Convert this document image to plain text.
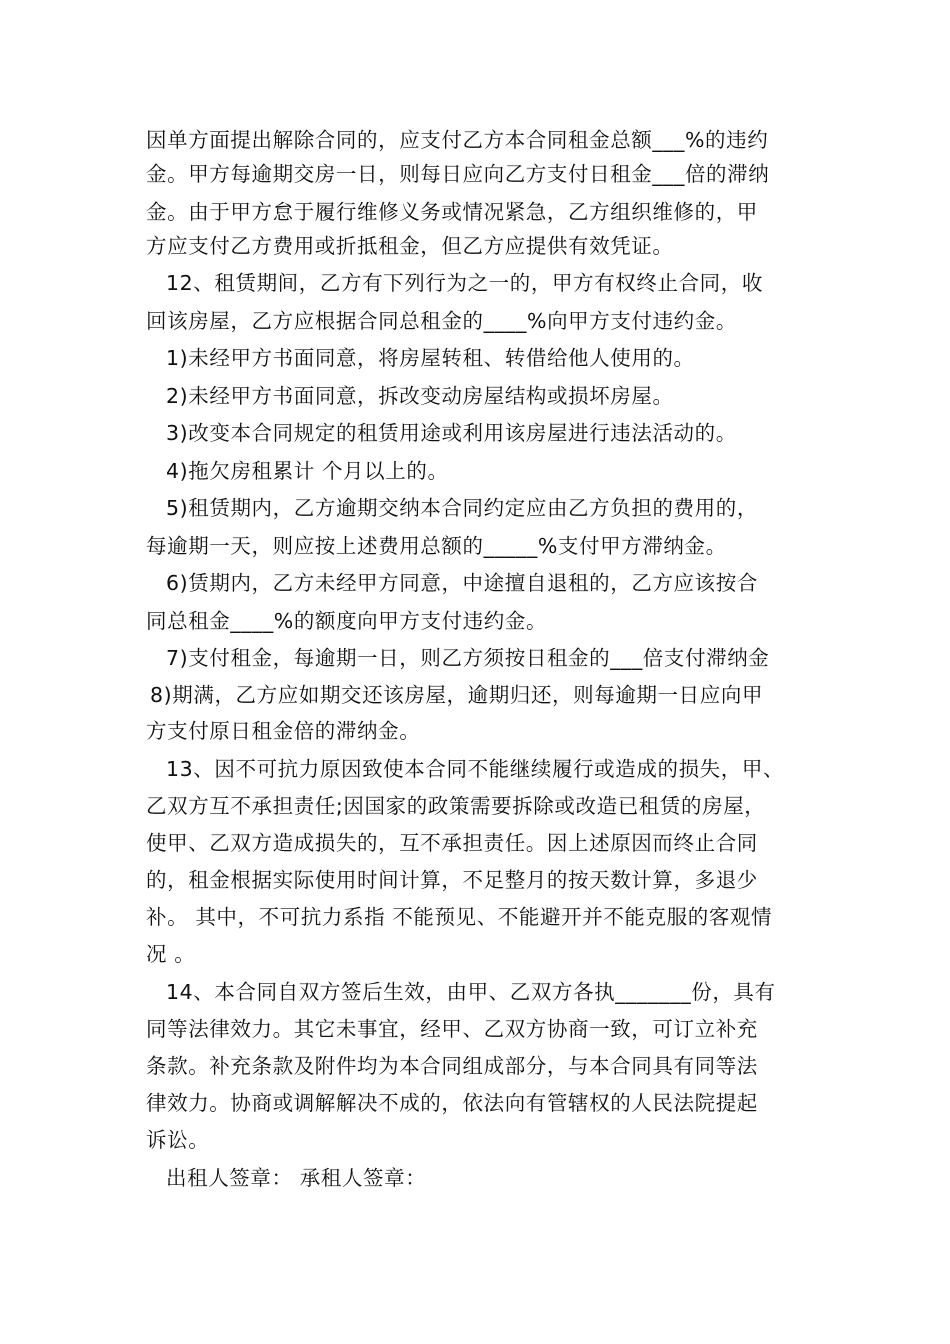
因单方面提出解除合同的，应支付乙方本合同租金总额___%的违约

金。甲方每逾期交房一日，则每日应向乙方支付日租金___倍的滞纳

金。由于甲方怠于履行维修义务或情况紧急，乙方组织维修的，甲

方应支付乙方费用或折抵租金，但乙方应提供有效凭证。

12、租赁期间，乙方有下列行为之一的，甲方有权终止合同，收

回该房屋，乙方应根据合同总租金的____%向甲方支付违约金。

1)未经甲方书面同意，将房屋转租、转借给他人使用的。

2)未经甲方书面同意，拆改变动房屋结构或损坏房屋。

3)改变本合同规定的租赁用途或利用该房屋进行违法活动的。

4)拖欠房租累计 个月以上的。

5)租赁期内，乙方逾期交纳本合同约定应由乙方负担的费用的，

每逾期一天，则应按上述费用总额的_____%支付甲方滞纳金。

6)赁期内，乙方未经甲方同意，中途擅自退租的，乙方应该按合

同总租金____%的额度向甲方支付违约金。

7)支付租金，每逾期一日，则乙方须按日租金的___倍支付滞纳金

8)期满，乙方应如期交还该房屋，逾期归还，则每逾期一日应向甲

方支付原日租金倍的滞纳金。

13、因不可抗力原因致使本合同不能继续履行或造成的损失，甲、

乙双方互不承担责任;因国家的政策需要拆除或改造已租赁的房屋，

使甲、乙双方造成损失的，互不承担责任。因上述原因而终止合同

的，租金根据实际使用时间计算，不足整月的按天数计算，多退少

补。 其中，不可抗力系指 不能预见、不能避开并不能克服的客观情

况 。

14、本合同自双方签后生效，由甲、乙双方各执_______份，具有

同等法律效力。其它未事宜，经甲、乙双方协商一致，可订立补充

条款。补充条款及附件均为本合同组成部分，与本合同具有同等法

律效力。协商或调解解决不成的，依法向有管辖权的人民法院提起

诉讼。

出租人签章： 承租人签章：
